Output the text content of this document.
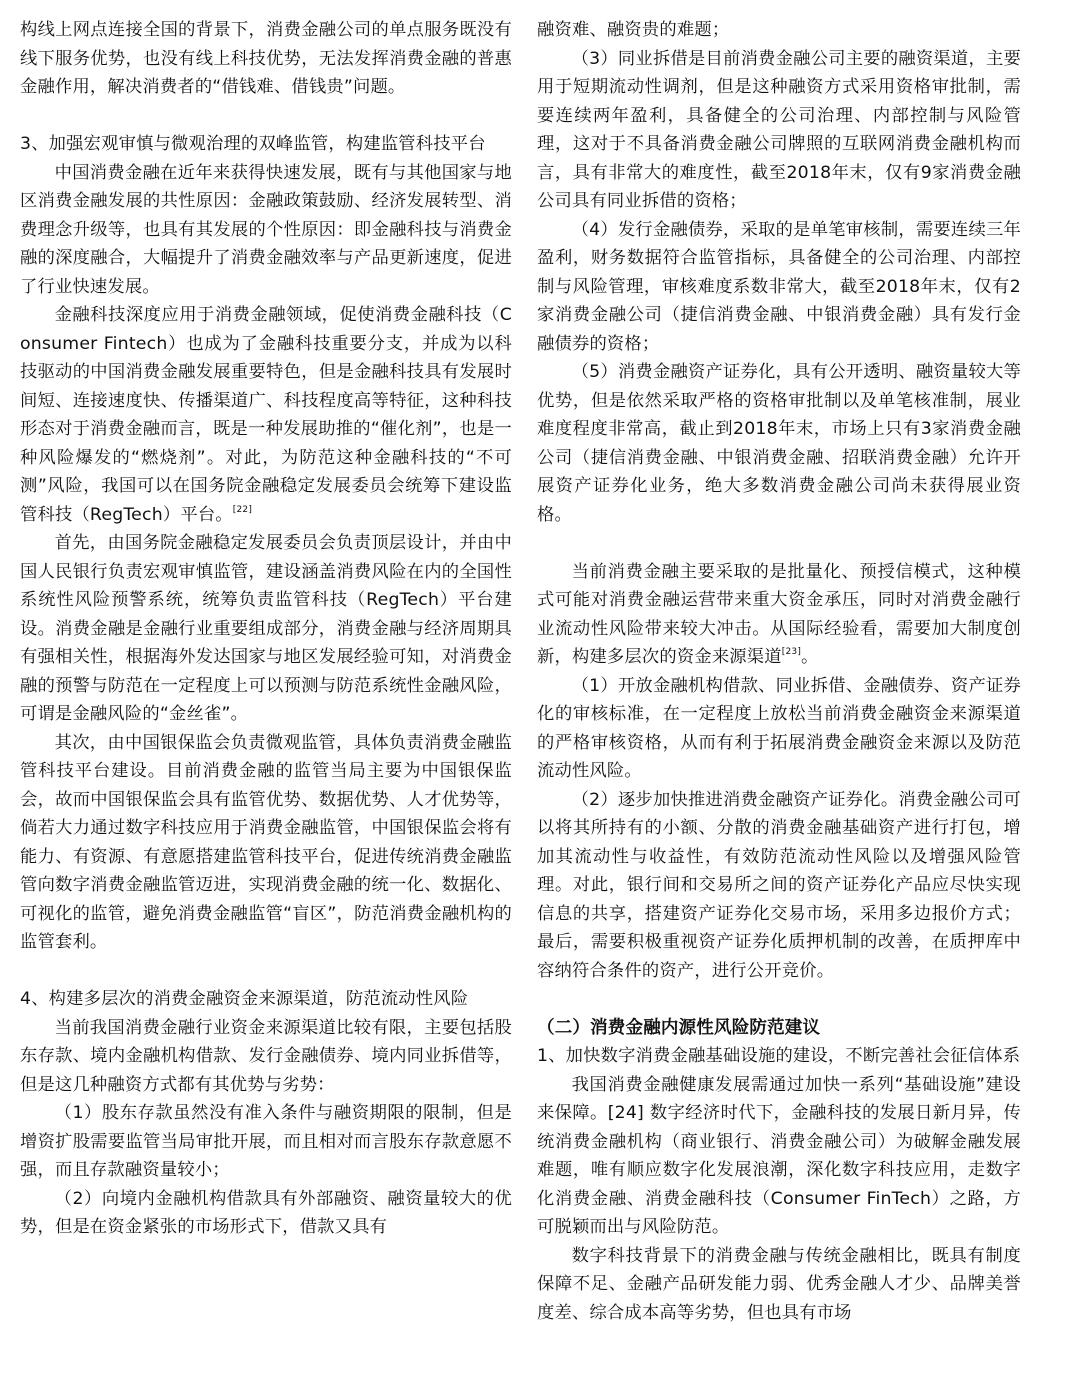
构线上网点连接全国的背景下，消费金融公司的单点服务既没有线下服务优势，也没有线上科技优势，无法发挥消费金融的普惠金融作用，解决消费者的“借钱难、借钱贵”问题。

3、加强宏观审慎与微观治理的双峰监管，构建监管科技平台

中国消费金融在近年来获得快速发展，既有与其他国家与地区消费金融发展的共性原因：金融政策鼓励、经济发展转型、消费理念升级等，也具有其发展的个性原因：即金融科技与消费金融的深度融合，大幅提升了消费金融效率与产品更新速度，促进了行业快速发展。

金融科技深度应用于消费金融领域，促使消费金融科技（Consumer Fintech）也成为了金融科技重要分支，并成为以科技驱动的中国消费金融发展重要特色，但是金融科技具有发展时间短、连接速度快、传播渠道广、科技程度高等特征，这种科技形态对于消费金融而言，既是一种发展助推的“催化剂”，也是一种风险爆发的“燃烧剂”。对此，为防范这种金融科技的“不可测”风险，我国可以在国务院金融稳定发展委员会统筹下建设监管科技（RegTech）平台。[22]

首先，由国务院金融稳定发展委员会负责顶层设计，并由中国人民银行负责宏观审慎监管，建设涵盖消费风险在内的全国性系统性风险预警系统，统筹负责监管科技（RegTech）平台建设。消费金融是金融行业重要组成部分，消费金融与经济周期具有强相关性，根据海外发达国家与地区发展经验可知，对消费金融的预警与防范在一定程度上可以预测与防范系统性金融风险，可谓是金融风险的“金丝雀”。

其次，由中国银保监会负责微观监管，具体负责消费金融监管科技平台建设。目前消费金融的监管当局主要为中国银保监会，故而中国银保监会具有监管优势、数据优势、人才优势等，倘若大力通过数字科技应用于消费金融监管，中国银保监会将有能力、有资源、有意愿搭建监管科技平台，促进传统消费金融监管向数字消费金融监管迈进，实现消费金融的统一化、数据化、可视化的监管，避免消费金融监管“盲区”，防范消费金融机构的监管套利。

4、构建多层次的消费金融资金来源渠道，防范流动性风险

当前我国消费金融行业资金来源渠道比较有限，主要包括股东存款、境内金融机构借款、发行金融债券、境内同业拆借等，但是这几种融资方式都有其优势与劣势：

（1）股东存款虽然没有准入条件与融资期限的限制，但是增资扩股需要监管当局审批开展，而且相对而言股东存款意愿不强，而且存款融资量较小；

（2）向境内金融机构借款具有外部融资、融资量较大的优势，但是在资金紧张的市场形式下，借款又具有

融资难、融资贵的难题；

（3）同业拆借是目前消费金融公司主要的融资渠道，主要用于短期流动性调剂，但是这种融资方式采用资格审批制，需要连续两年盈利，具备健全的公司治理、内部控制与风险管理，这对于不具备消费金融公司牌照的互联网消费金融机构而言，具有非常大的难度性，截至2018年末，仅有9家消费金融公司具有同业拆借的资格；

（4）发行金融债券，采取的是单笔审核制，需要连续三年盈利，财务数据符合监管指标，具备健全的公司治理、内部控制与风险管理，审核难度系数非常大，截至2018年末，仅有2家消费金融公司（捷信消费金融、中银消费金融）具有发行金融债券的资格；

（5）消费金融资产证券化，具有公开透明、融资量较大等优势，但是依然采取严格的资格审批制以及单笔核准制，展业难度程度非常高，截止到2018年末，市场上只有3家消费金融公司（捷信消费金融、中银消费金融、招联消费金融）允许开展资产证券化业务，绝大多数消费金融公司尚未获得展业资格。

当前消费金融主要采取的是批量化、预授信模式，这种模式可能对消费金融运营带来重大资金承压，同时对消费金融行业流动性风险带来较大冲击。从国际经验看，需要加大制度创新，构建多层次的资金来源渠道[23]。

（1）开放金融机构借款、同业拆借、金融债券、资产证券化的审核标准，在一定程度上放松当前消费金融资金来源渠道的严格审核资格，从而有利于拓展消费金融资金来源以及防范流动性风险。

（2）逐步加快推进消费金融资产证券化。消费金融公司可以将其所持有的小额、分散的消费金融基础资产进行打包，增加其流动性与收益性，有效防范流动性风险以及增强风险管理。对此，银行间和交易所之间的资产证券化产品应尽快实现信息的共享，搭建资产证券化交易市场，采用多边报价方式；最后，需要积极重视资产证券化质押机制的改善，在质押库中容纳符合条件的资产，进行公开竞价。

（二）消费金融内源性风险防范建议

1、加快数字消费金融基础设施的建设，不断完善社会征信体系

我国消费金融健康发展需通过加快一系列“基础设施”建设来保障。[24] 数字经济时代下，金融科技的发展日新月异，传统消费金融机构（商业银行、消费金融公司）为破解金融发展难题，唯有顺应数字化发展浪潮，深化数字科技应用，走数字化消费金融、消费金融科技（Consumer FinTech）之路，方可脱颖而出与风险防范。

数字科技背景下的消费金融与传统金融相比，既具有制度保障不足、金融产品研发能力弱、优秀金融人才少、品牌美誉度差、综合成本高等劣势，但也具有市场
